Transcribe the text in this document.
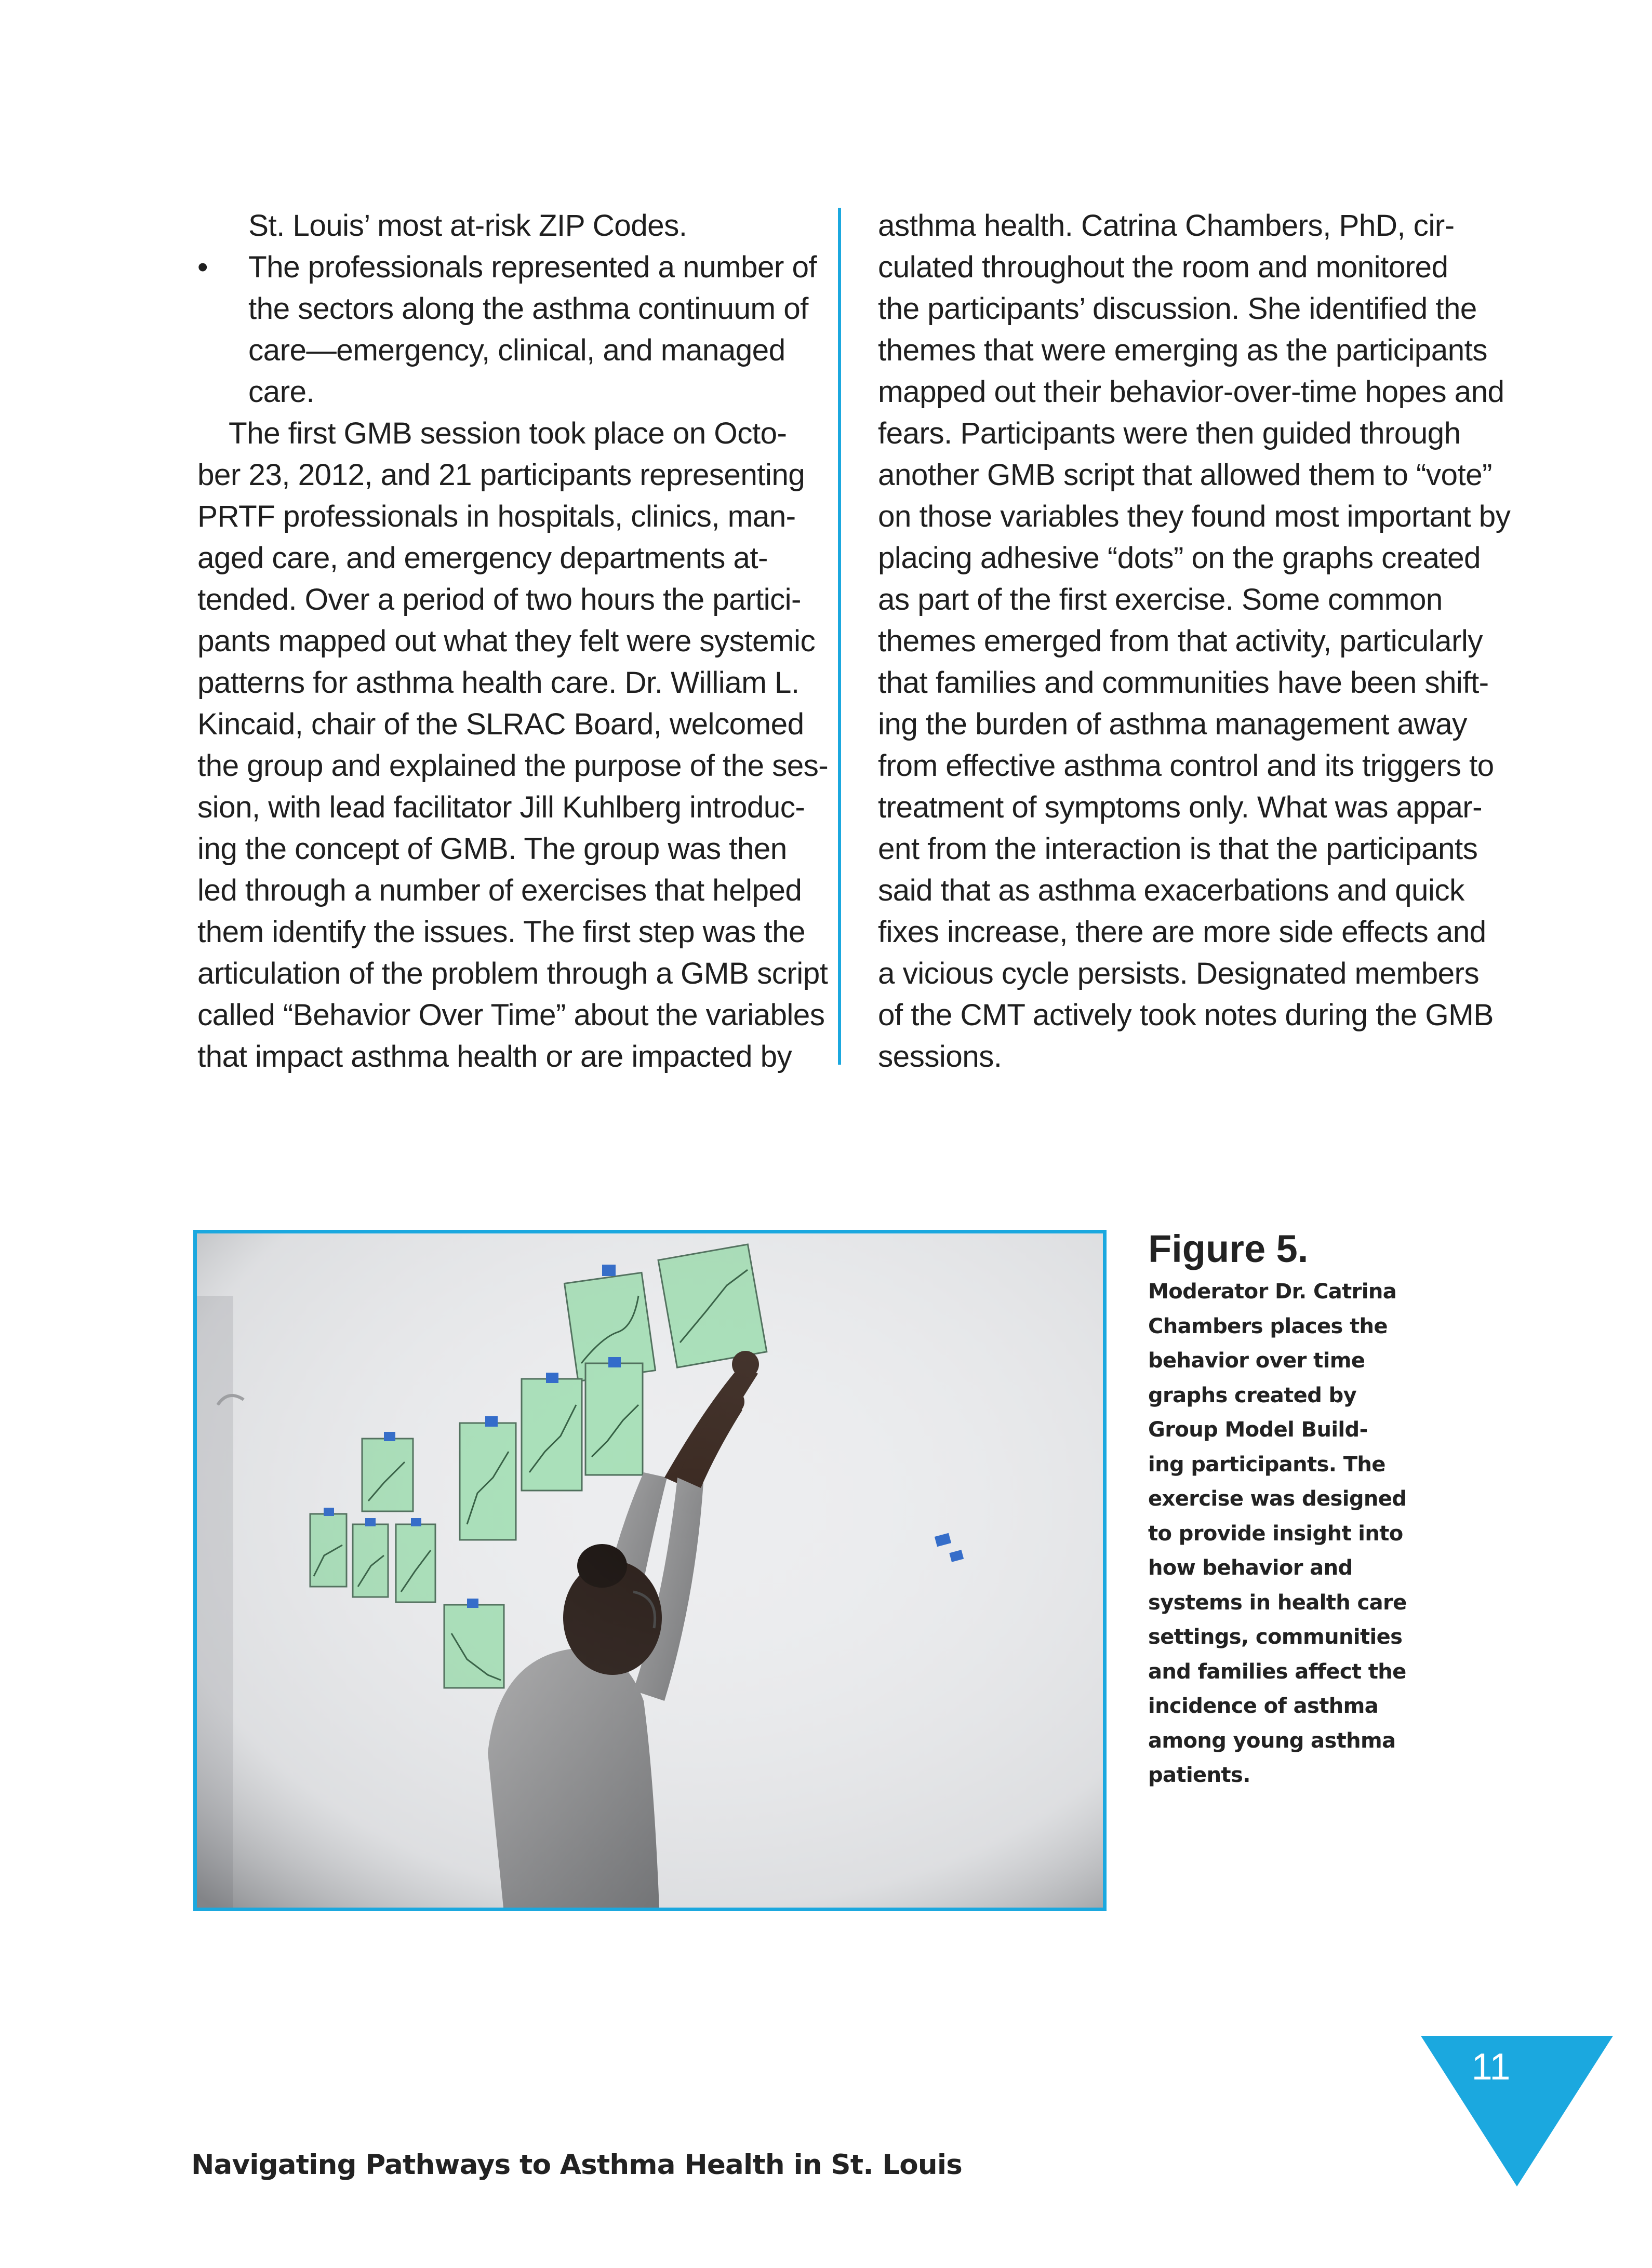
St. Louis’ most at-risk ZIP Codes.
• The professionals represented a number of
the sectors along the asthma continuum of
care—emergency, clinical, and managed
care.
The first GMB session took place on Octo-
ber 23, 2012, and 21 participants representing
PRTF professionals in hospitals, clinics, man-
aged care, and emergency departments at-
tended. Over a period of two hours the partici-
pants mapped out what they felt were systemic
patterns for asthma health care. Dr. William L.
Kincaid, chair of the SLRAC Board, welcomed
the group and explained the purpose of the ses-
sion, with lead facilitator Jill Kuhlberg introduc-
ing the concept of GMB. The group was then
led through a number of exercises that helped
them identify the issues. The first step was the
articulation of the problem through a GMB script
called “Behavior Over Time” about the variables
that impact asthma health or are impacted by
asthma health. Catrina Chambers, PhD, cir-
culated throughout the room and monitored
the participants’ discussion. She identified the
themes that were emerging as the participants
mapped out their behavior-over-time hopes and
fears. Participants were then guided through
another GMB script that allowed them to “vote”
on those variables they found most important by
placing adhesive “dots” on the graphs created
as part of the first exercise. Some common
themes emerged from that activity, particularly
that families and communities have been shift-
ing the burden of asthma management away
from effective asthma control and its triggers to
treatment of symptoms only. What was appar-
ent from the interaction is that the participants
said that as asthma exacerbations and quick
fixes increase, there are more side effects and
a vicious cycle persists. Designated members
of the CMT actively took notes during the GMB
sessions.
Figure 5.
Moderator Dr. Catrina
Chambers places the
behavior over time
graphs created by
Group Model Build-
ing participants. The
exercise was designed
to provide insight into
how behavior and
systems in health care
settings, communities
and families affect the
incidence of asthma
among young asthma
patients.
11
Navigating Pathways to Asthma Health in St. Louis
